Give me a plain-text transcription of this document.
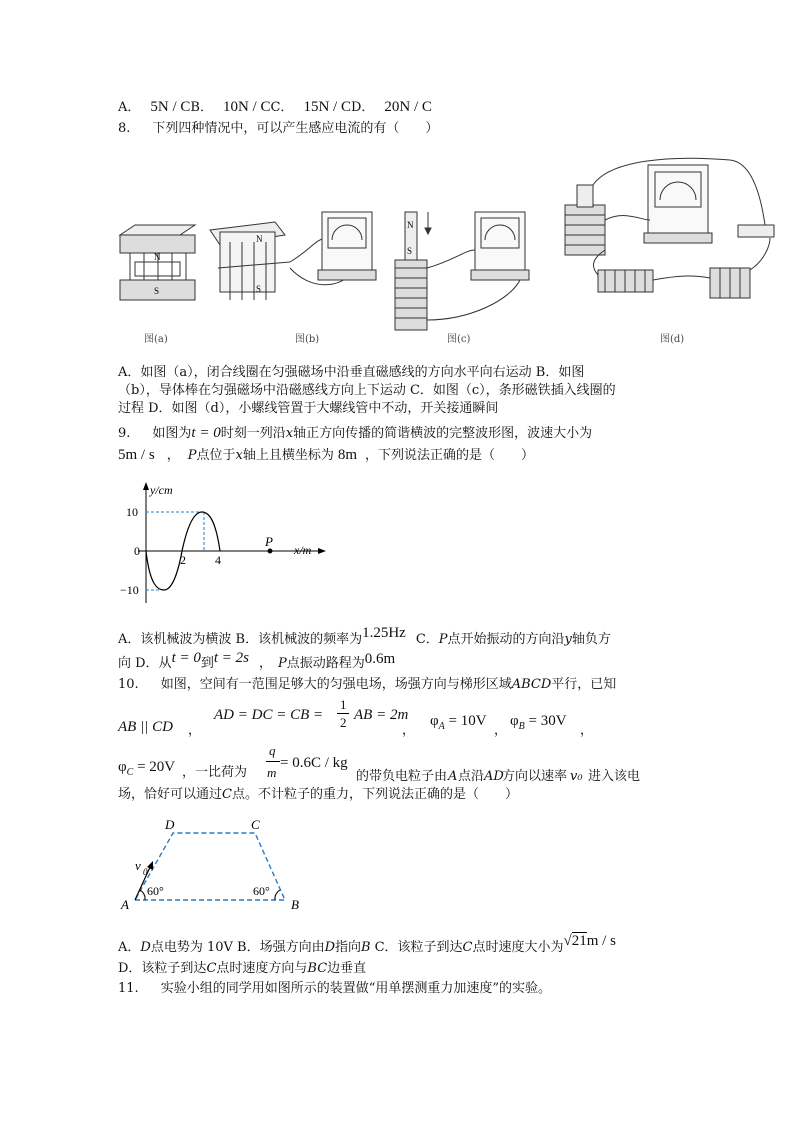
A． 5N / CB． 10N / CC． 15N / CD． 20N / C
8. 下列四种情况中，可以产生感应电流的有（　　）
N
S
N
S
N
S
图(a)	图(b)	图(c)	图(d)
A．如图（a），闭合线圈在匀强磁场中沿垂直磁感线的方向水平向右运动 B．如图
（b），导体棒在匀强磁场中沿磁感线方向上下运动 C．如图（c），条形磁铁插入线圈的
过程 D．如图（d），小螺线管置于大螺线管中不动，开关接通瞬间
9. 如图为t = 0时刻一列沿x轴正方向传播的简谐横波的完整波形图，波速大小为
5m / s ， P点位于x轴上且横坐标为 8m ，下列说法正确的是（　　）
y/cm
x/m
10
0
−10
2 4
P
A．该机械波为横波 B．该机械波的频率为1.25Hz C．P点开始振动的方向沿y轴负方
向 D．从t = 0到t = 2s ， P点振动路程为0.6m
10. 如图，空间有一范围足够大的匀强电场，场强方向与梯形区域ABCD平行，已知
AB || CD ，
AD = DC = CB =
1
2 AB = 2m
，
$\varphi_A = 10V$
，
$\varphi_B = 30V$
，
$\varphi_C = 20V$ ，一比荷为
q
m
= 0.6C / kg
的带负电粒子由 A 点沿 AD
方向以速率 v₀ 进入该电
场，恰好可以通过C点。不计粒子的重力，下列说法正确的是（　　）
A	B
C
D
v 0
60°	60°
A．D点电势为 10V B．场强方向由D指向B C．该粒子到达C点时速度大小为√21m / s
D．该粒子到达C点时速度方向与BC边垂直
11. 实验小组的同学用如图所示的装置做“用单摆测重力加速度”的实验。
